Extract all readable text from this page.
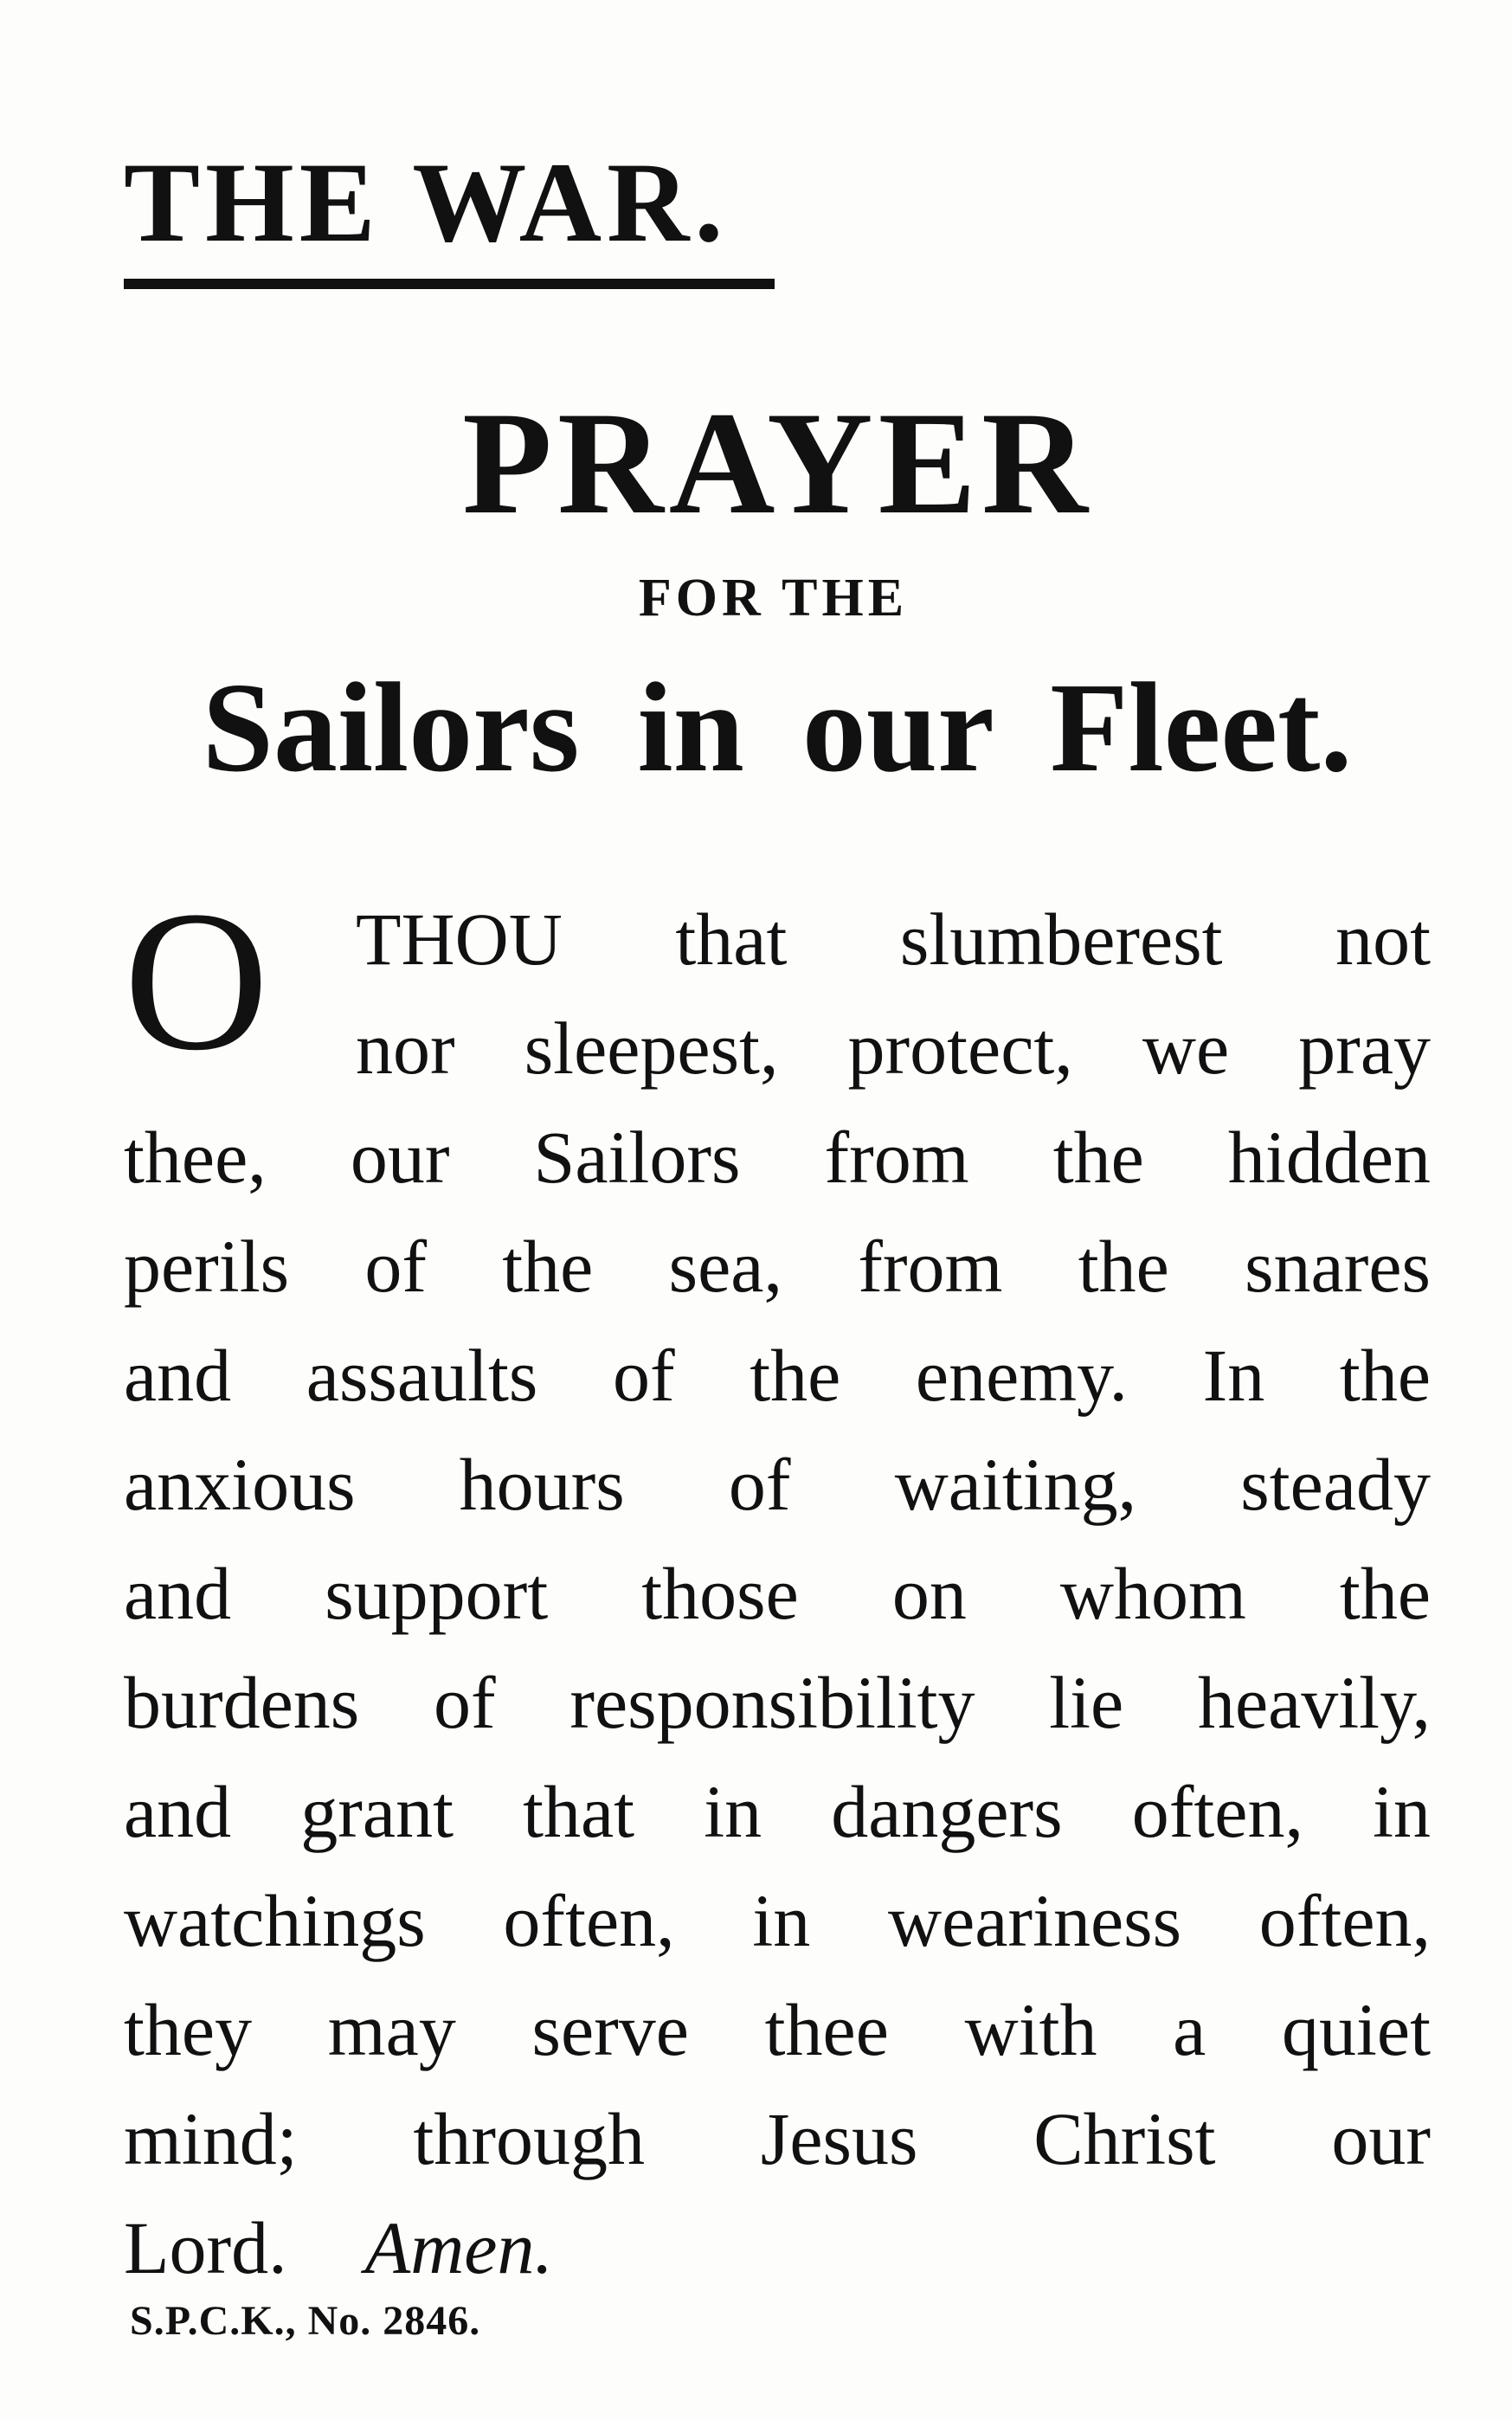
THE WAR.
PRAYER
FOR THE
Sailors in our Fleet.
O	THOU that slumberest not
nor sleepest, protect, we pray
thee, our Sailors from the hidden
perils of the sea, from the snares
and assaults of the enemy. In the
anxious hours of waiting, steady
and support those on whom the
burdens of responsibility lie heavily,
and grant that in dangers often, in
watchings often, in weariness often,
they may serve thee with a quiet
mind; through Jesus Christ our
Lord. Amen.
S.P.C.K., No. 2846.
